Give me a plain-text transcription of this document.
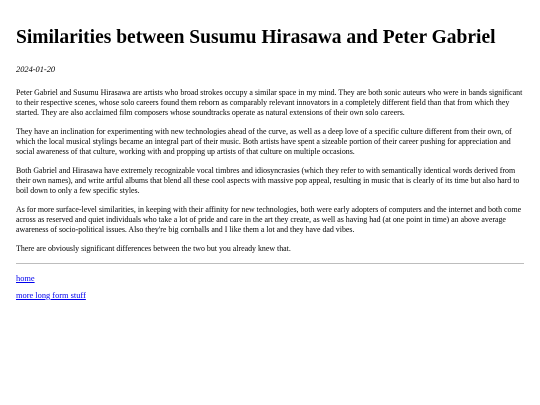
Similarities between Susumu Hirasawa and Peter Gabriel
2024-01-20

Peter Gabriel and Susumu Hirasawa are artists who broad strokes occupy a similar space in my mind. They are both sonic auteurs who were in bands significant to their respective scenes, whose solo careers found them reborn as comparably relevant innovators in a completely different field than that from which they started. They are also acclaimed film composers whose soundtracks operate as natural extensions of their own solo careers.

They have an inclination for experimenting with new technologies ahead of the curve, as well as a deep love of a specific culture different from their own, of which the local musical stylings became an integral part of their music. Both artists have spent a sizeable portion of their career pushing for appreciation and social awareness of that culture, working with and propping up artists of that culture on multiple occasions.

Both Gabriel and Hirasawa have extremely recognizable vocal timbres and idiosyncrasies (which they refer to with semantically identical words derived from their own names), and write artful albums that blend all these cool aspects with massive pop appeal, resulting in music that is clearly of its time but also hard to boil down to only a few specific styles.

As for more surface-level similarities, in keeping with their affinity for new technologies, both were early adopters of computers and the internet and both come across as reserved and quiet individuals who take a lot of pride and care in the art they create, as well as having had (at one point in time) an above average awareness of socio-political issues. Also they're big cornballs and I like them a lot and they have dad vibes.

There are obviously significant differences between the two but you already knew that.

home
more long form stuff
